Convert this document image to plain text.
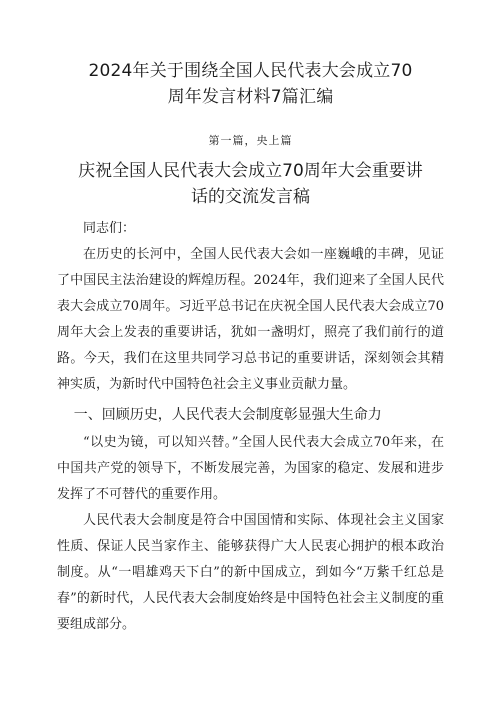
2024年关于围绕全国人民代表大会成立70
周年发言材料7篇汇编
第一篇，央上篇
庆祝全国人民代表大会成立70周年大会重要讲
话的交流发言稿

同志们：

在历史的长河中，全国人民代表大会如一座巍峨的丰碑，见证了中国民主法治建设的辉煌历程。2024年，我们迎来了全国人民代表大会成立70周年。习近平总书记在庆祝全国人民代表大会成立70周年大会上发表的重要讲话，犹如一盏明灯，照亮了我们前行的道路。今天，我们在这里共同学习总书记的重要讲话，深刻领会其精神实质，为新时代中国特色社会主义事业贡献力量。

一、回顾历史，人民代表大会制度彰显强大生命力

“以史为镜，可以知兴替。”全国人民代表大会成立70年来，在中国共产党的领导下，不断发展完善，为国家的稳定、发展和进步发挥了不可替代的重要作用。

人民代表大会制度是符合中国国情和实际、体现社会主义国家性质、保证人民当家作主、能够获得广大人民衷心拥护的根本政治制度。从“一唱雄鸡天下白”的新中国成立，到如今“万紫千红总是春”的新时代，人民代表大会制度始终是中国特色社会主义制度的重要组成部分。
